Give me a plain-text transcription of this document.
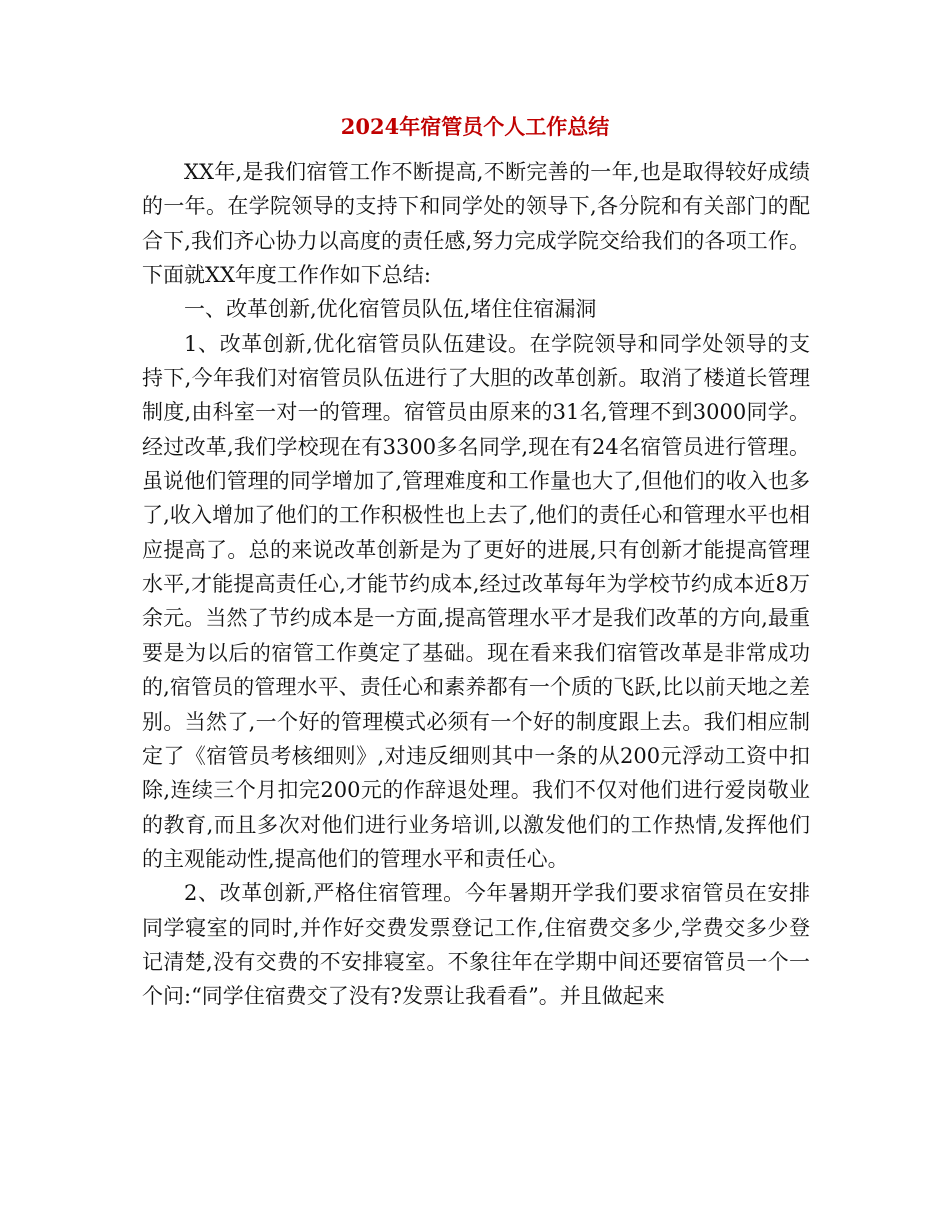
2024年宿管员个人工作总结

XX年,是我们宿管工作不断提高,不断完善的一年,也是取得较好成绩的一年。在学院领导的支持下和同学处的领导下,各分院和有关部门的配合下,我们齐心协力以高度的责任感,努力完成学院交给我们的各项工作。下面就XX年度工作作如下总结:

一、改革创新,优化宿管员队伍,堵住住宿漏洞

1、改革创新,优化宿管员队伍建设。在学院领导和同学处领导的支持下,今年我们对宿管员队伍进行了大胆的改革创新。取消了楼道长管理制度,由科室一对一的管理。宿管员由原来的31名,管理不到3000同学。经过改革,我们学校现在有3300多名同学,现在有24名宿管员进行管理。虽说他们管理的同学增加了,管理难度和工作量也大了,但他们的收入也多了,收入增加了他们的工作积极性也上去了,他们的责任心和管理水平也相应提高了。总的来说改革创新是为了更好的进展,只有创新才能提高管理水平,才能提高责任心,才能节约成本,经过改革每年为学校节约成本近8万余元。当然了节约成本是一方面,提高管理水平才是我们改革的方向,最重要是为以后的宿管工作奠定了基础。现在看来我们宿管改革是非常成功的,宿管员的管理水平、责任心和素养都有一个质的飞跃,比以前天地之差别。当然了,一个好的管理模式必须有一个好的制度跟上去。我们相应制定了《宿管员考核细则》,对违反细则其中一条的从200元浮动工资中扣除,连续三个月扣完200元的作辞退处理。我们不仅对他们进行爱岗敬业的教育,而且多次对他们进行业务培训,以激发他们的工作热情,发挥他们的主观能动性,提高他们的管理水平和责任心。

2、改革创新,严格住宿管理。今年暑期开学我们要求宿管员在安排同学寝室的同时,并作好交费发票登记工作,住宿费交多少,学费交多少登记清楚,没有交费的不安排寝室。不象往年在学期中间还要宿管员一个一个问:“同学住宿费交了没有?发票让我看看”。并且做起来
